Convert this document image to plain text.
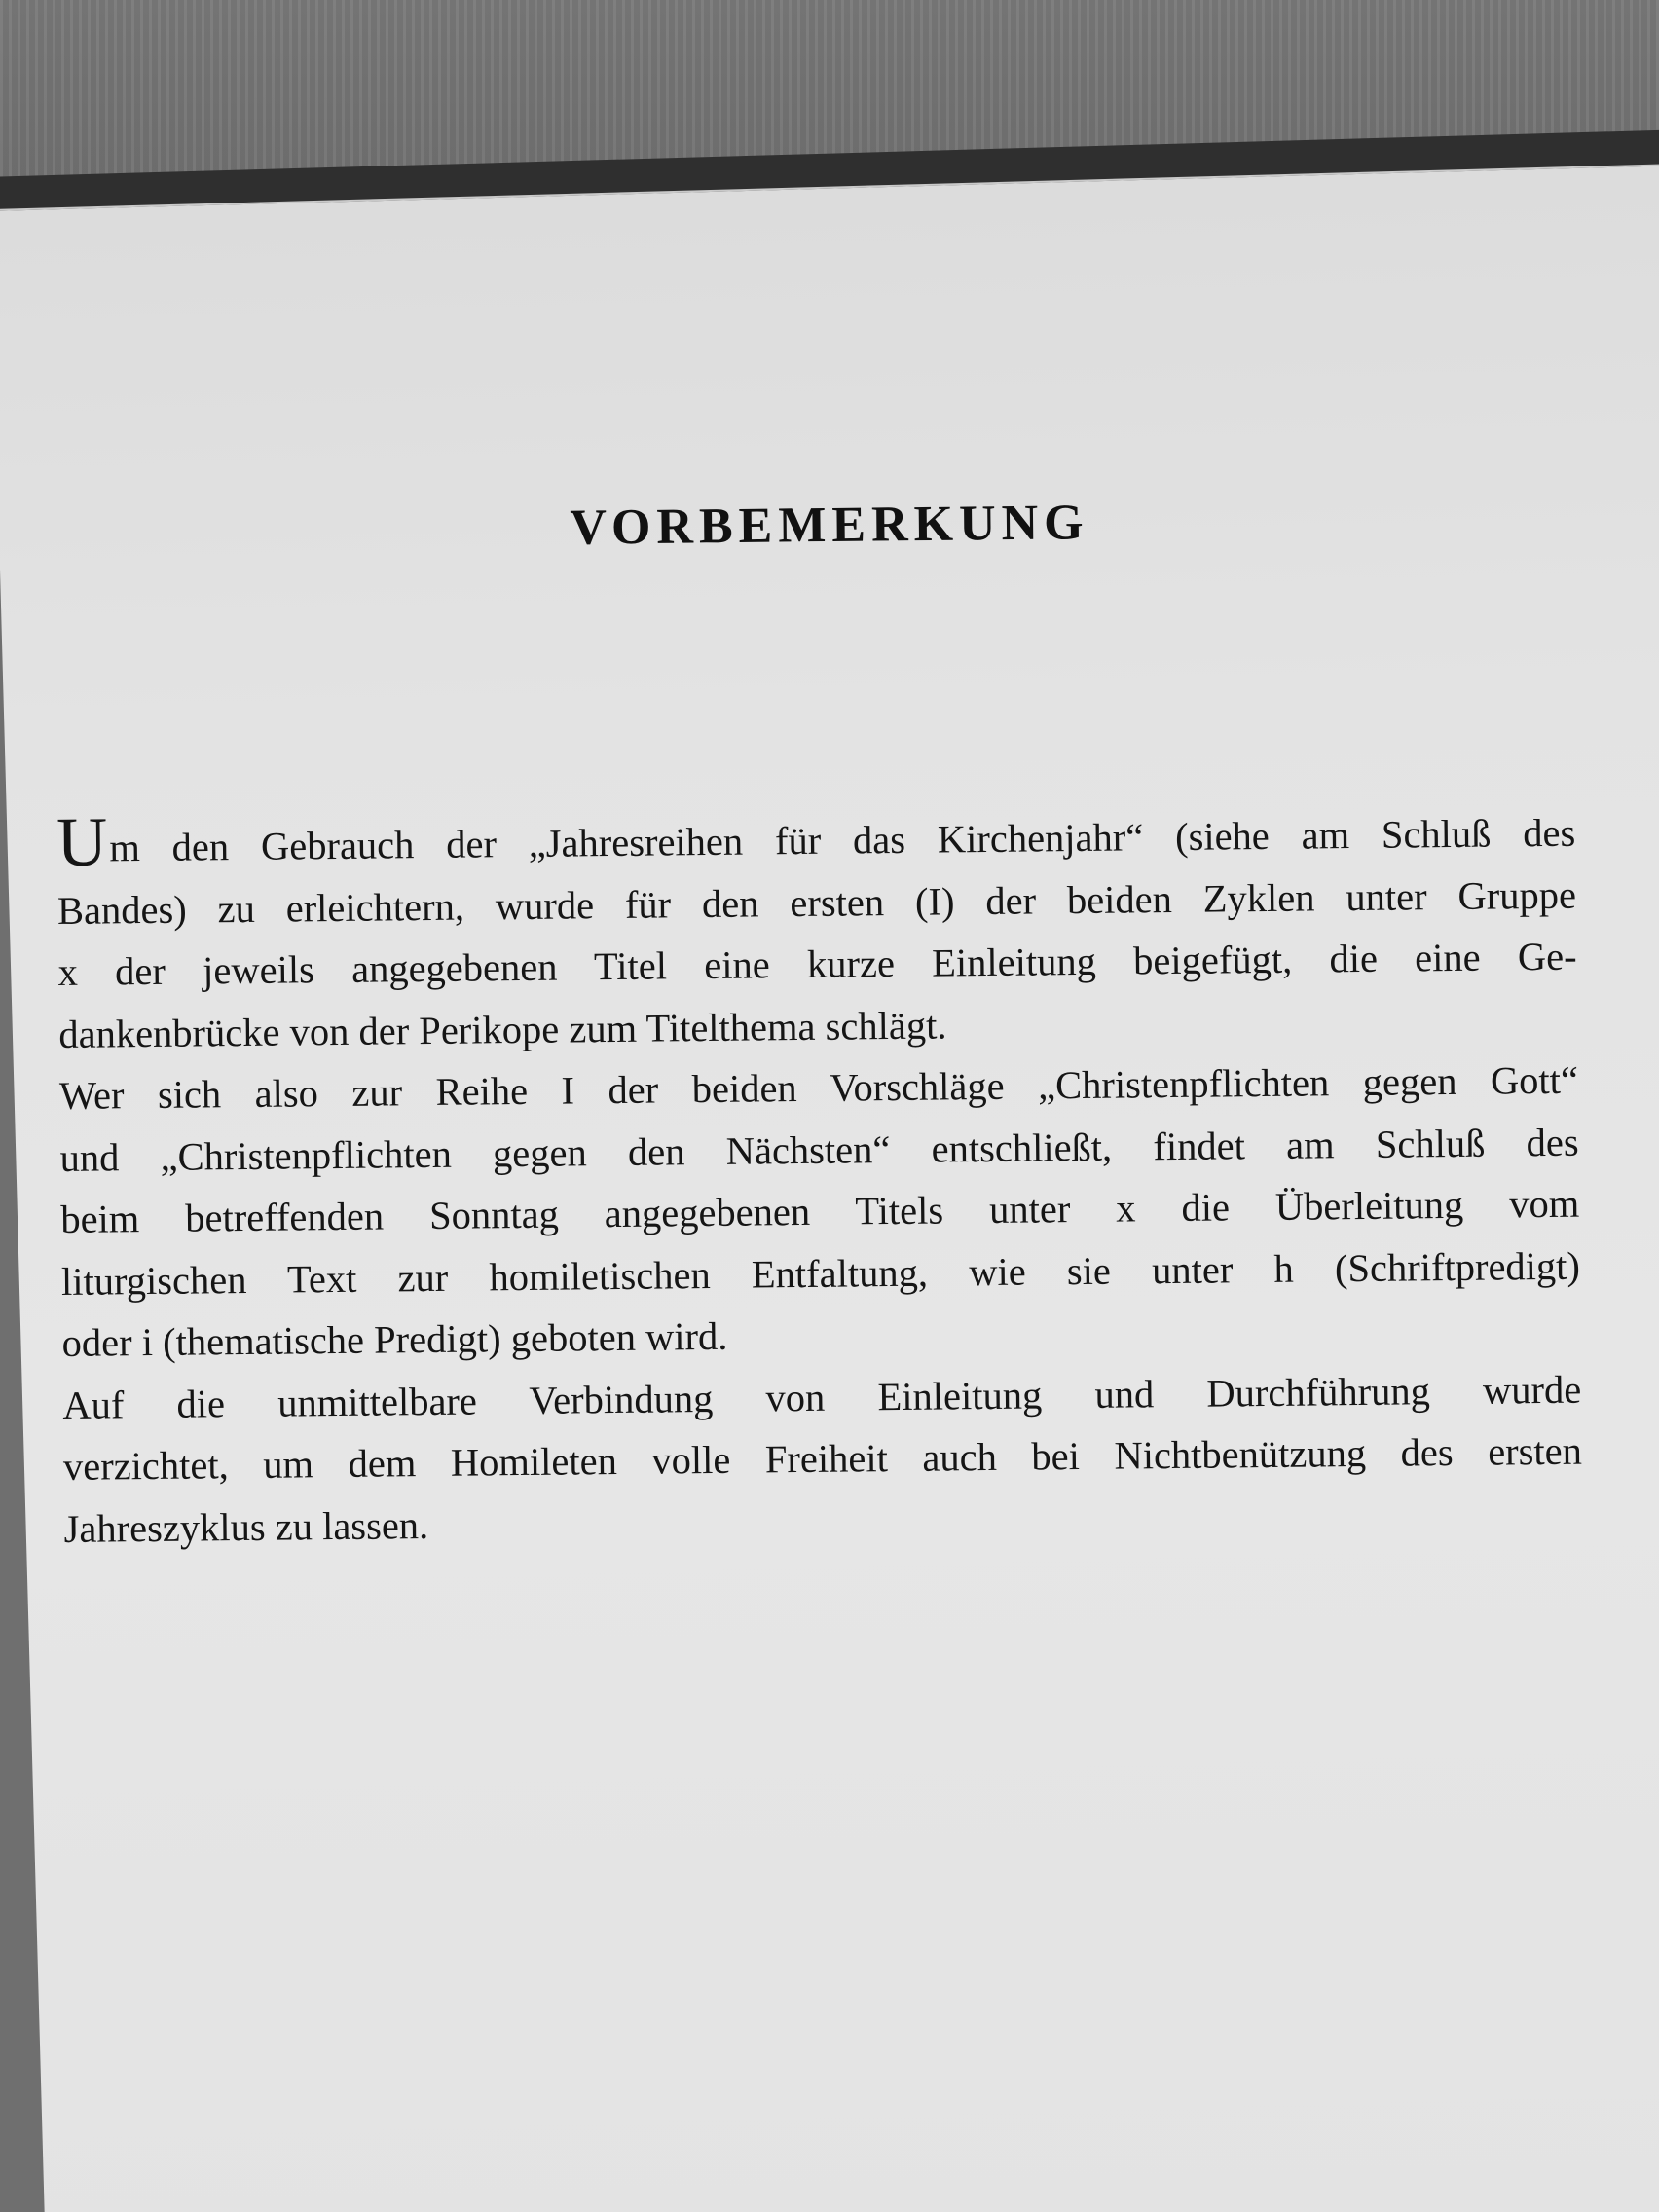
VORBEMERKUNG
Um den Gebrauch der „Jahresreihen für das Kirchenjahr“ (siehe am Schluß des
Bandes) zu erleichtern, wurde für den ersten (I) der beiden Zyklen unter Gruppe
x der jeweils angegebenen Titel eine kurze Einleitung beigefügt, die eine Ge-
dankenbrücke von der Perikope zum Titelthema schlägt.
Wer sich also zur Reihe I der beiden Vorschläge „Christenpflichten gegen Gott“
und „Christenpflichten gegen den Nächsten“ entschließt, findet am Schluß des
beim betreffenden Sonntag angegebenen Titels unter x die Überleitung vom
liturgischen Text zur homiletischen Entfaltung, wie sie unter h (Schriftpredigt)
oder i (thematische Predigt) geboten wird.
Auf die unmittelbare Verbindung von Einleitung und Durchführung wurde
verzichtet, um dem Homileten volle Freiheit auch bei Nichtbenützung des ersten
Jahreszyklus zu lassen.
